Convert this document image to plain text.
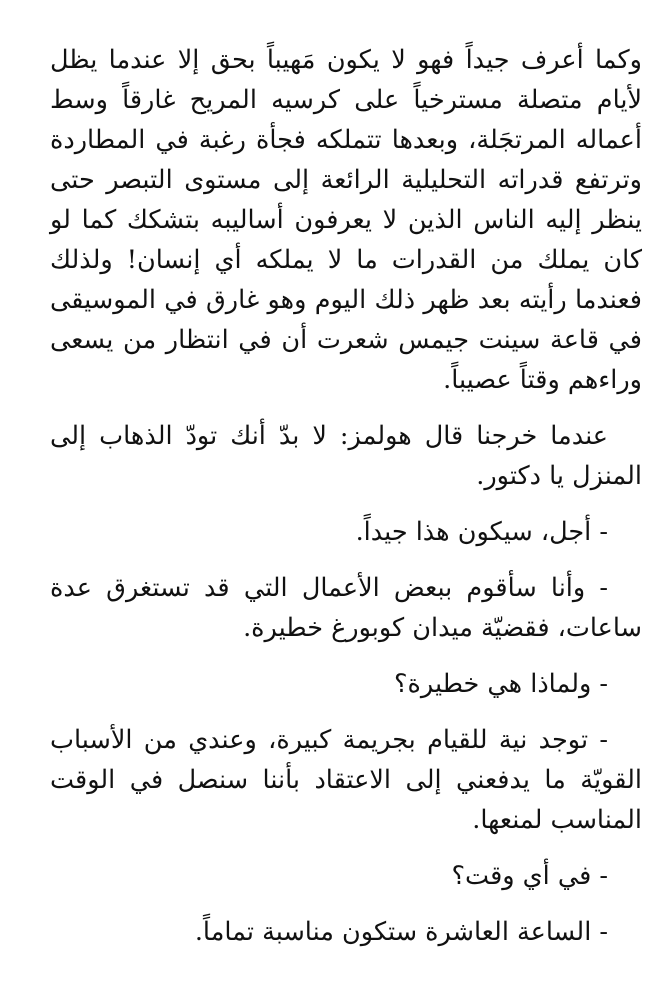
وكما أعرف جيداً فهو لا يكون مَهيباً بحق إلا عندما يظل لأيام متصلة مسترخياً على كرسيه المريح غارقاً وسط أعماله المرتجَلة، وبعدها تتملكه فجأة رغبة في المطاردة وترتفع قدراته التحليلية الرائعة إلى مستوى التبصر حتى ينظر إليه الناس الذين لا يعرفون أساليبه بتشكك كما لو كان يملك من القدرات ما لا يملكه أي إنسان! ولذلك فعندما رأيته بعد ظهر ذلك اليوم وهو غارق في الموسيقى في قاعة سينت جيمس شعرت أن في انتظار من يسعى وراءهم وقتاً عصيباً.

عندما خرجنا قال هولمز: لا بدّ أنك تودّ الذهاب إلى المنزل يا دكتور.

- أجل، سيكون هذا جيداً.

- وأنا سأقوم ببعض الأعمال التي قد تستغرق عدة ساعات، فقضيّة ميدان كوبورغ خطيرة.

- ولماذا هي خطيرة؟

- توجد نية للقيام بجريمة كبيرة، وعندي من الأسباب القويّة ما يدفعني إلى الاعتقاد بأننا سنصل في الوقت المناسب لمنعها.

- في أي وقت؟

- الساعة العاشرة ستكون مناسبة تماماً.
